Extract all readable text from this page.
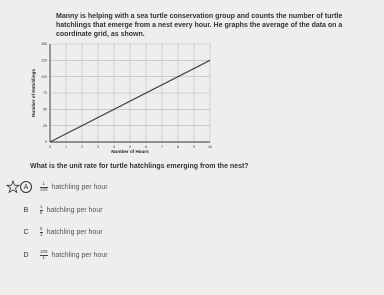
Manny is helping with a sea turtle conservation group and counts the number of turtle hatchlings that emerge from a nest every hour. He graphs the average of the data on a coordinate grid, as shown.
0	1	2	3	4	5	6	7	8	9	10
0
25
50
75
100
125
150
Number of Hours
Number of Hatchlings
What is the unit rate for turtle hatchlings emerging from the nest?
A	$\frac{1}{100}$ hatchling per hour
B	$\frac{1}{5}$ hatchling per hour
C	$\frac{5}{1}$ hatchling per hour
D	$\frac{100}{1}$ hatchling per hour
